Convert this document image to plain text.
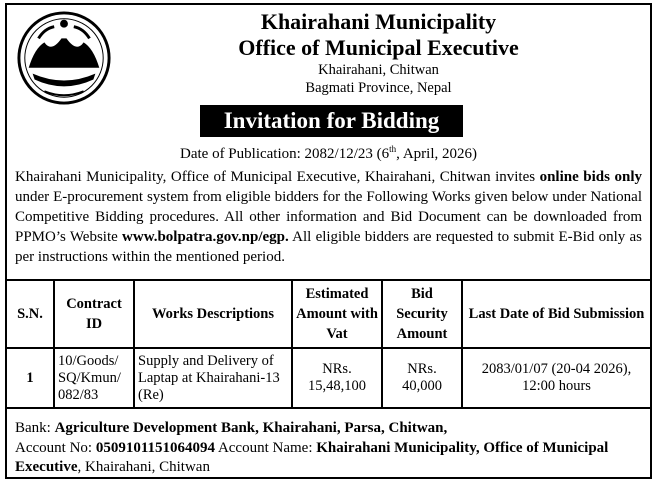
Khairahani Municipality
Office of Municipal Executive
Khairahani, Chitwan
Bagmati Province, Nepal
Invitation for Bidding
Date of Publication: 2082/12/23 (6th, April, 2026)
Khairahani Municipality, Office of Municipal Executive, Khairahani, Chitwan invites online bids only under E-procurement system from eligible bidders for the Following Works given below under National Competitive Bidding procedures. All other information and Bid Document can be downloaded from PPMO’s Website www.bolpatra.gov.np/egp. All eligible bidders are requested to submit E-Bid only as per instructions within the mentioned period.
S.N.	Contract ID	Works Descriptions	Estimated Amount with Vat	Bid Security Amount	Last Date of Bid Submission
1	10/Goods/ SQ/Kmun/ 082/83	Supply and Delivery of Laptap at Khairahani-13 (Re)	NRs. 15,48,100	NRs. 40,000	2083/01/07 (20-04 2026), 12:00 hours
Bank: Agriculture Development Bank, Khairahani, Parsa, Chitwan,
Account No: 0509101151064094 Account Name: Khairahani Municipality, Office of Municipal Executive, Khairahani, Chitwan
